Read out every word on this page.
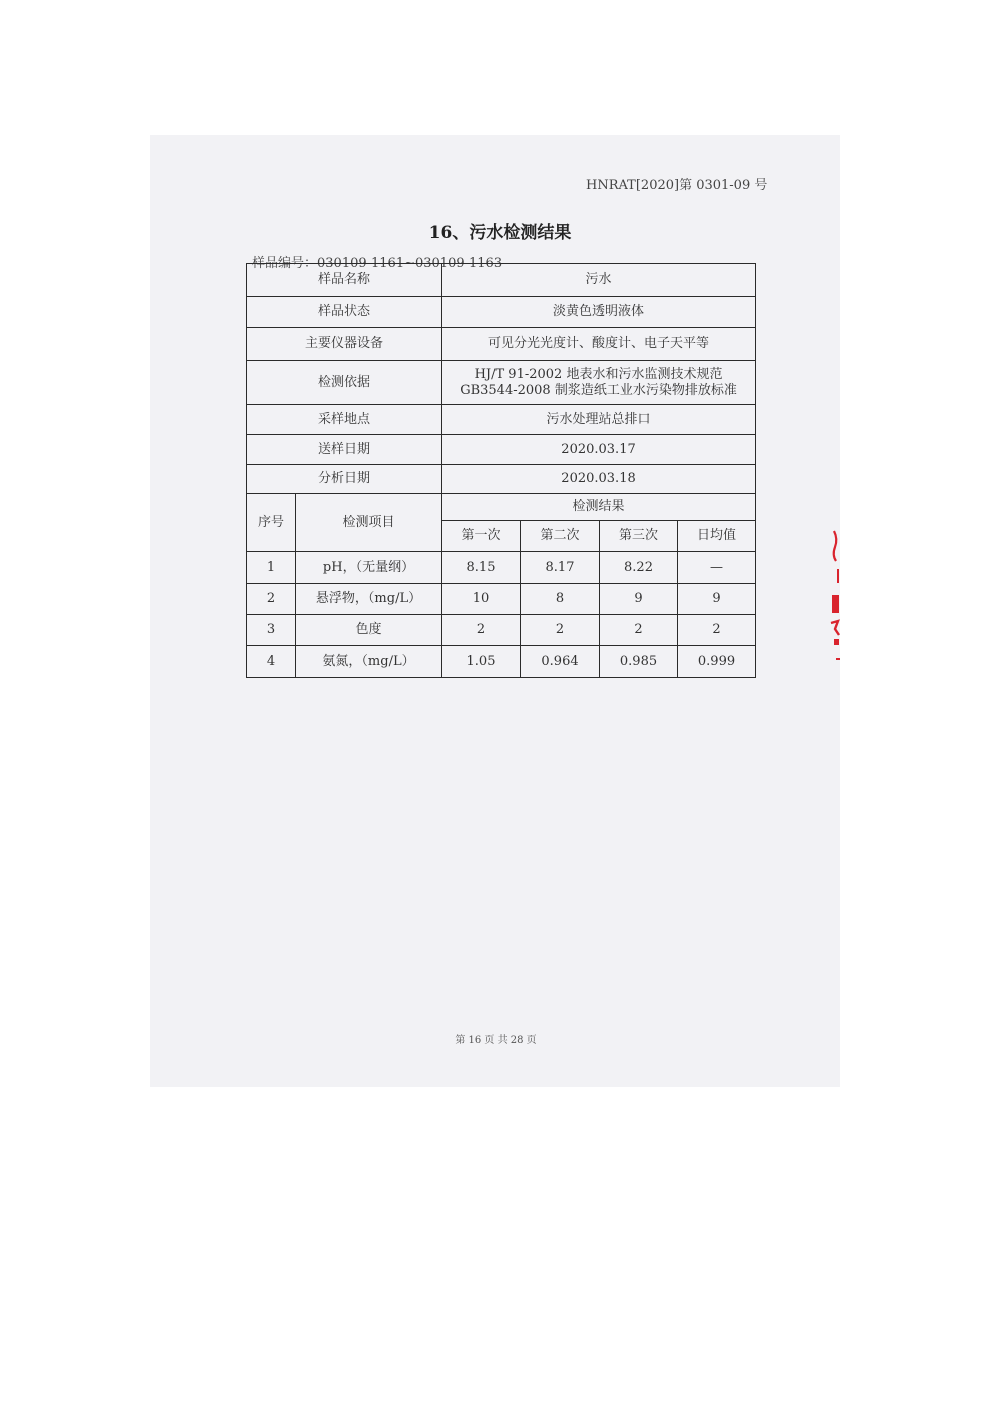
HNRAT[2020]第 0301-09 号
16、污水检测结果
样品编号：030109-1161~030109-1163
样品名称		污水			
样品状态		淡黄色透明液体			
主要仪器设备		可见分光光度计、酸度计、电子天平等			
检测依据		HJ/T 91-2002 地表水和污水监测技术规范
GB3544-2008 制浆造纸工业水污染物排放标准			

采样地点		污水处理站总排口			
送样日期		2020.03.17			
分析日期		2020.03.18			
序号	检测项目	检测结果			
		第一次	第二次	第三次	日均值
1	pH，（无量纲）	8.15	8.17	8.22	—
2	悬浮物，（mg/L）	10	8	9	9
3	色度	2	2	2	2
4	氨氮，（mg/L）	1.05	0.964	0.985	0.999
第 16 页 共 28 页
